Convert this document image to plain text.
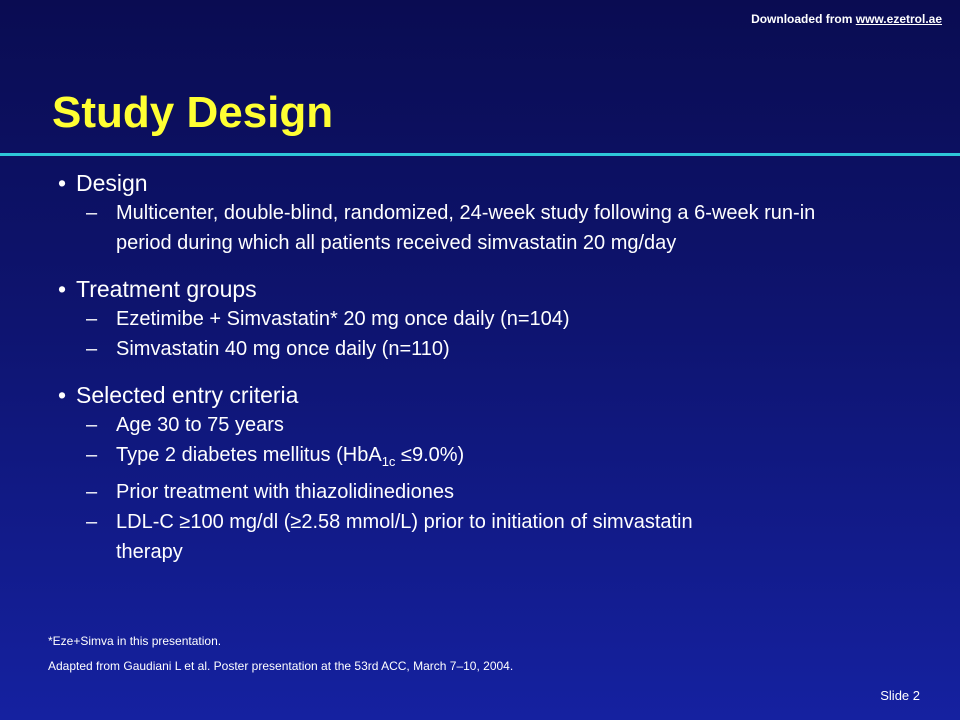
Downloaded from www.ezetrol.ae
Study Design
• Design
– Multicenter, double-blind, randomized, 24-week study following a 6-week run-in period during which all patients received simvastatin 20 mg/day
• Treatment groups
– Ezetimibe + Simvastatin* 20 mg once daily (n=104)
– Simvastatin 40 mg once daily (n=110)
• Selected entry criteria
– Age 30 to 75 years
– Type 2 diabetes mellitus (HbA$_{1c}$ ≤9.0%)
– Prior treatment with thiazolidinediones
– LDL-C ≥100 mg/dl (≥2.58 mmol/L) prior to initiation of simvastatin therapy
*Eze+Simva in this presentation.
Adapted from Gaudiani L et al. Poster presentation at the 53rd ACC, March 7–10, 2004.
Slide 2
